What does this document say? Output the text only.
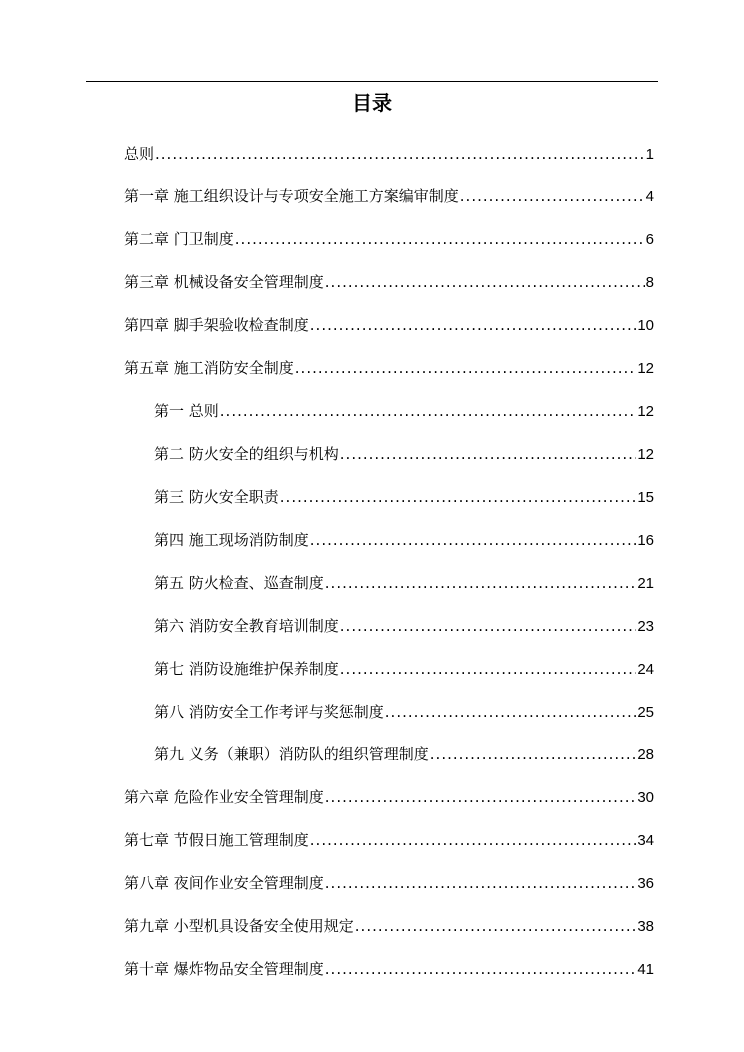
目录
总则 .....	1
第一章 施工组织设计与专项安全施工方案编审制度 .....	4
第二章 门卫制度 .....	6
第三章 机械设备安全管理制度 .....	8
第四章 脚手架验收检查制度 .....	10
第五章 施工消防安全制度 .....	12
第一 总则 .....	12
第二 防火安全的组织与机构 .....	12
第三 防火安全职责 .....	15
第四 施工现场消防制度 .....	16
第五 防火检查、巡查制度 .....	21
第六 消防安全教育培训制度 .....	23
第七 消防设施维护保养制度 .....	24
第八 消防安全工作考评与奖惩制度 .....	25
第九 义务（兼职）消防队的组织管理制度 .....	28
第六章 危险作业安全管理制度 .....	30
第七章 节假日施工管理制度 .....	34
第八章 夜间作业安全管理制度 .....	36
第九章 小型机具设备安全使用规定 .....	38
第十章 爆炸物品安全管理制度 .....	41
